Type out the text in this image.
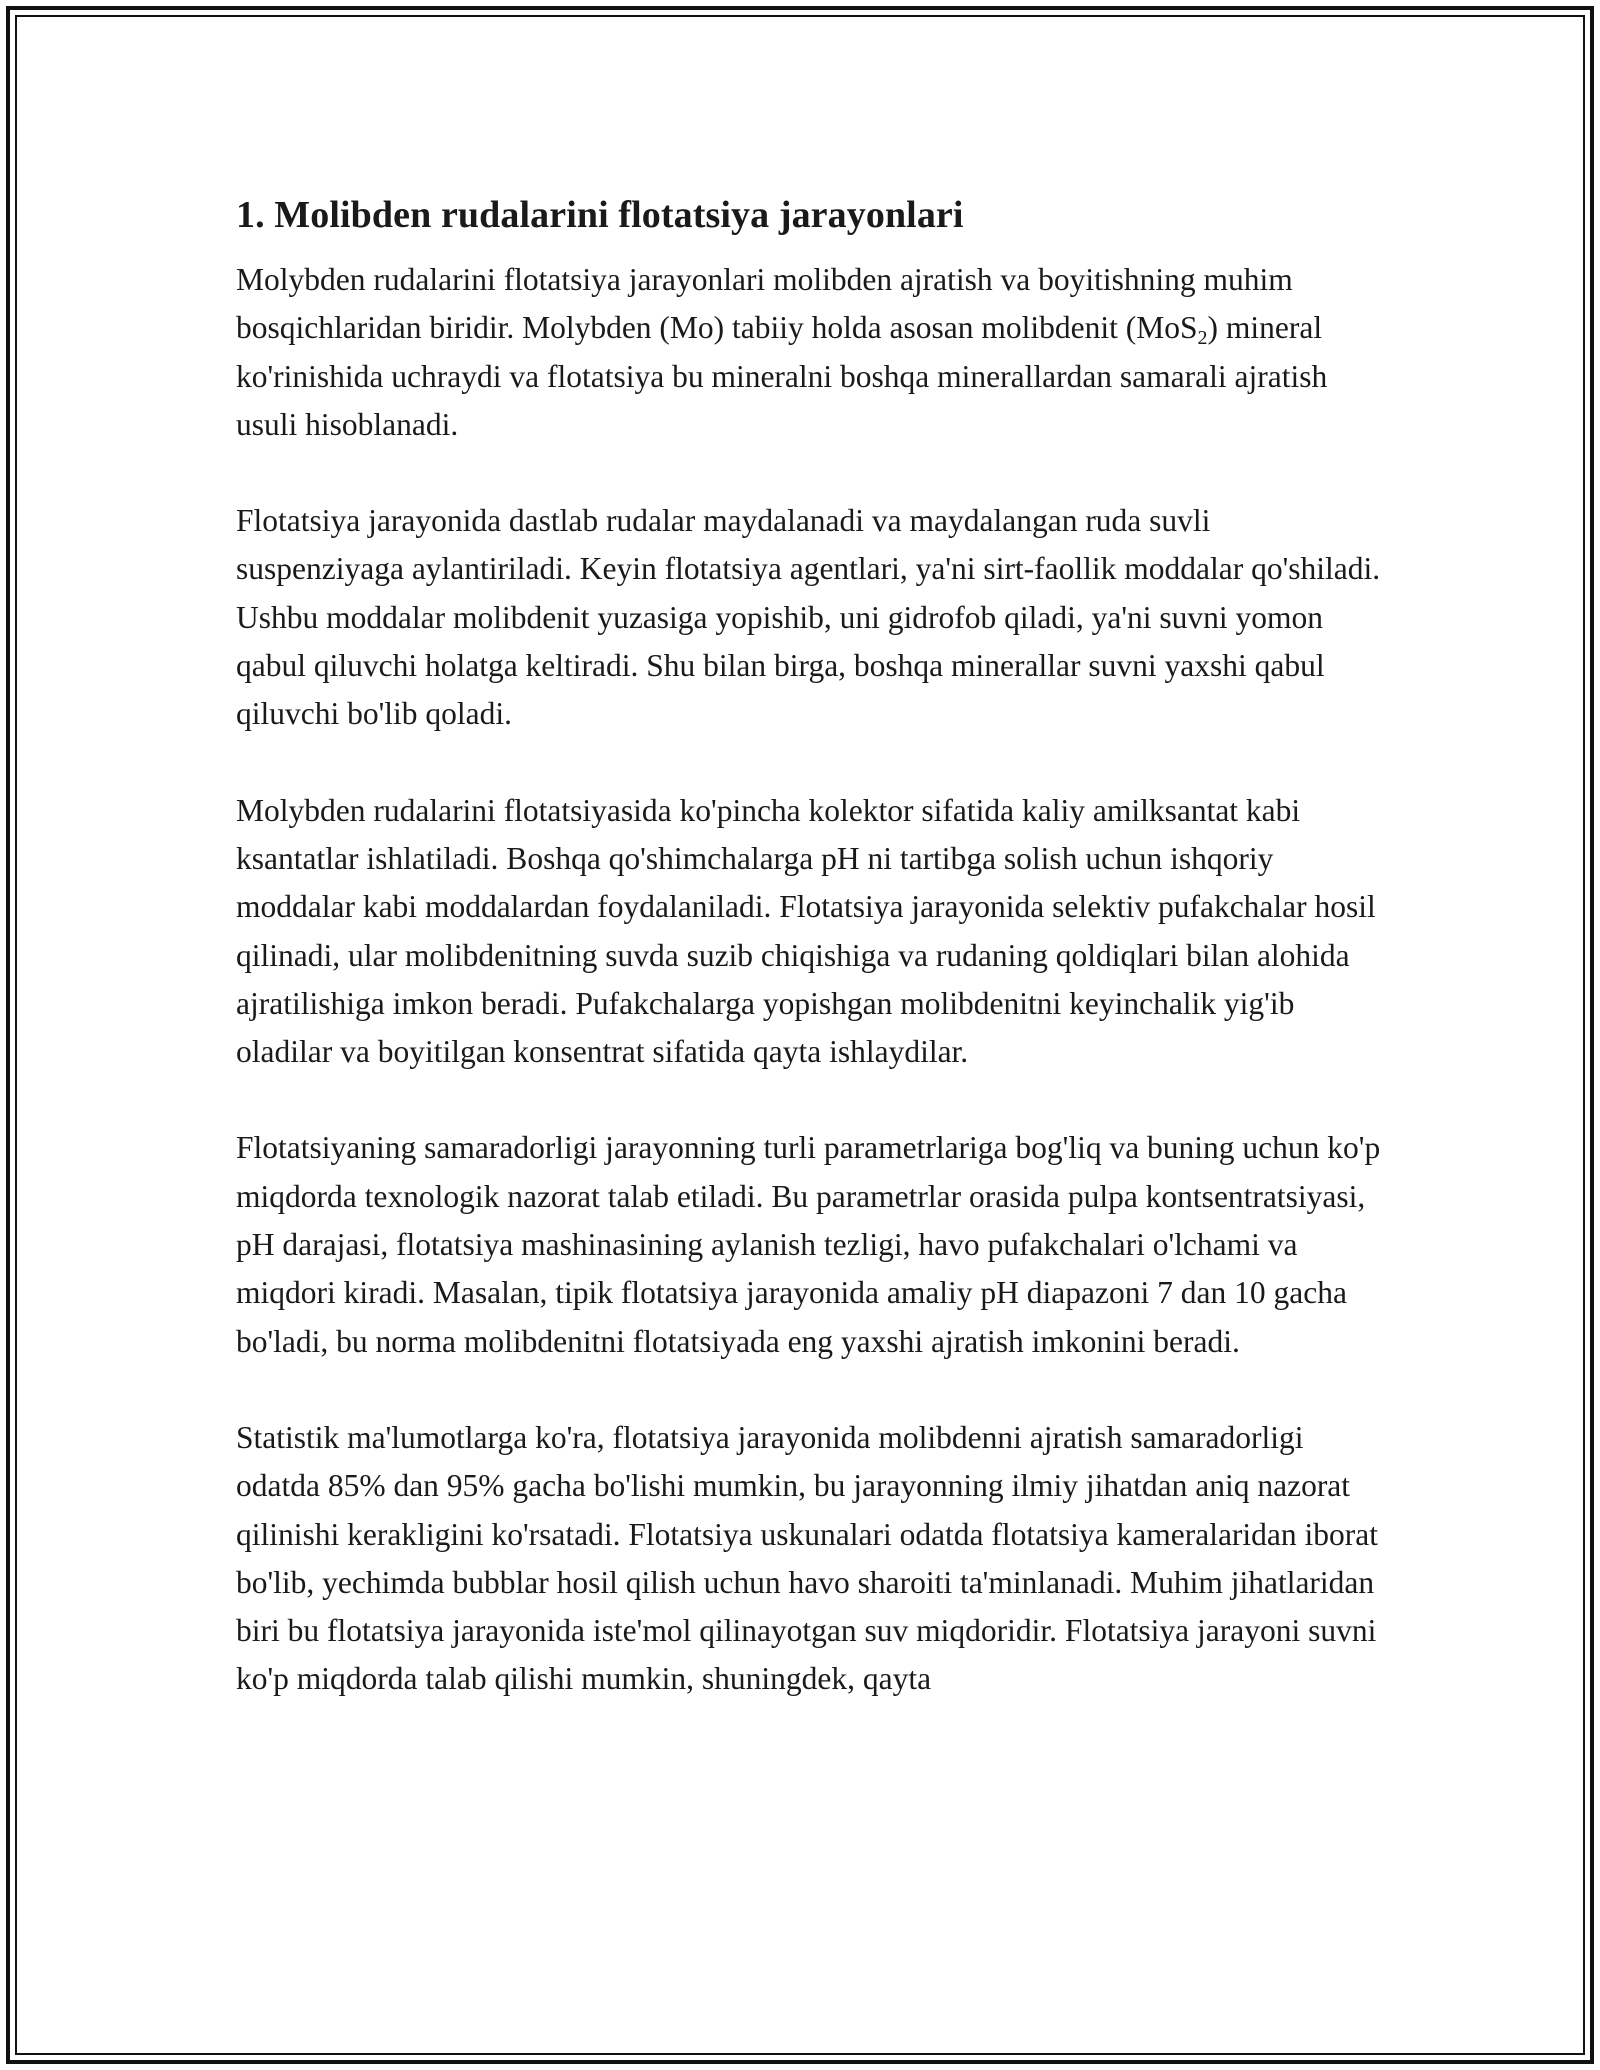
1. Molibden rudalarini flotatsiya jarayonlari

Molybden rudalarini flotatsiya jarayonlari molibden ajratish va boyitishning muhim bosqichlaridan biridir. Molybden (Mo) tabiiy holda asosan molibdenit (MoS$_2$) mineral ko'rinishida uchraydi va flotatsiya bu mineralni boshqa minerallardan samarali ajratish usuli hisoblanadi.

Flotatsiya jarayonida dastlab rudalar maydalanadi va maydalangan ruda suvli suspenziyaga aylantiriladi. Keyin flotatsiya agentlari, ya'ni sirt-faollik moddalar qo'shiladi. Ushbu moddalar molibdenit yuzasiga yopishib, uni gidrofob qiladi, ya'ni suvni yomon qabul qiluvchi holatga keltiradi. Shu bilan birga, boshqa minerallar suvni yaxshi qabul qiluvchi bo'lib qoladi.

Molybden rudalarini flotatsiyasida ko'pincha kolektor sifatida kaliy amilksantat kabi ksantatlar ishlatiladi. Boshqa qo'shimchalarga pH ni tartibga solish uchun ishqoriy moddalar kabi moddalardan foydalaniladi. Flotatsiya jarayonida selektiv pufakchalar hosil qilinadi, ular molibdenitning suvda suzib chiqishiga va rudaning qoldiqlari bilan alohida ajratilishiga imkon beradi. Pufakchalarga yopishgan molibdenitni keyinchalik yig'ib oladilar va boyitilgan konsentrat sifatida qayta ishlaydilar.

Flotatsiyaning samaradorligi jarayonning turli parametrlariga bog'liq va buning uchun ko'p miqdorda texnologik nazorat talab etiladi. Bu parametrlar orasida pulpa kontsentratsiyasi, pH darajasi, flotatsiya mashinasining aylanish tezligi, havo pufakchalari o'lchami va miqdori kiradi. Masalan, tipik flotatsiya jarayonida amaliy pH diapazoni 7 dan 10 gacha bo'ladi, bu norma molibdenitni flotatsiyada eng yaxshi ajratish imkonini beradi.

Statistik ma'lumotlarga ko'ra, flotatsiya jarayonida molibdenni ajratish samaradorligi odatda 85% dan 95% gacha bo'lishi mumkin, bu jarayonning ilmiy jihatdan aniq nazorat qilinishi kerakligini ko'rsatadi. Flotatsiya uskunalari odatda flotatsiya kameralaridan iborat bo'lib, yechimda bubblar hosil qilish uchun havo sharoiti ta'minlanadi. Muhim jihatlaridan biri bu flotatsiya jarayonida iste'mol qilinayotgan suv miqdoridir. Flotatsiya jarayoni suvni ko'p miqdorda talab qilishi mumkin, shuningdek, qayta
